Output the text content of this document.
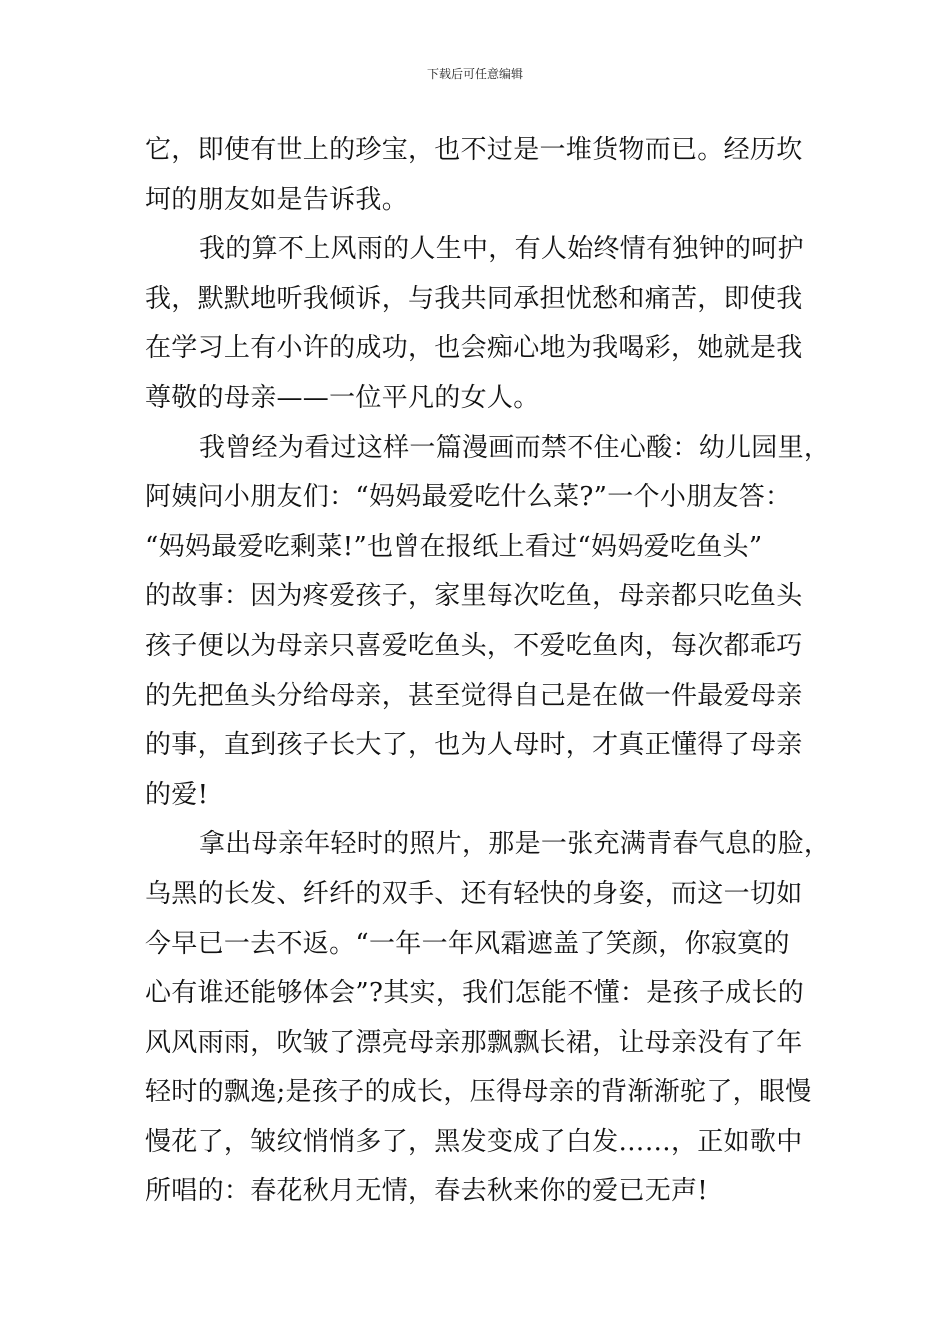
下载后可任意编辑
它，即使有世上的珍宝，也不过是一堆货物而已。经历坎
坷的朋友如是告诉我。
我的算不上风雨的人生中，有人始终情有独钟的呵护
我，默默地听我倾诉，与我共同承担忧愁和痛苦，即使我
在学习上有小许的成功，也会痴心地为我喝彩，她就是我
尊敬的母亲——一位平凡的女人。
我曾经为看过这样一篇漫画而禁不住心酸：幼儿园里，
阿姨问小朋友们：“妈妈最爱吃什么菜?”一个小朋友答：
“妈妈最爱吃剩菜!”也曾在报纸上看过“妈妈爱吃鱼头”
的故事：因为疼爱孩子，家里每次吃鱼，母亲都只吃鱼头
孩子便以为母亲只喜爱吃鱼头，不爱吃鱼肉，每次都乖巧
的先把鱼头分给母亲，甚至觉得自己是在做一件最爱母亲
的事，直到孩子长大了，也为人母时，才真正懂得了母亲
的爱!
拿出母亲年轻时的照片，那是一张充满青春气息的脸，
乌黑的长发、纤纤的双手、还有轻快的身姿，而这一切如
今早已一去不返。“一年一年风霜遮盖了笑颜，你寂寞的
心有谁还能够体会”?其实，我们怎能不懂：是孩子成长的
风风雨雨，吹皱了漂亮母亲那飘飘长裙，让母亲没有了年
轻时的飘逸;是孩子的成长，压得母亲的背渐渐驼了，眼慢
慢花了，皱纹悄悄多了，黑发变成了白发……，正如歌中
所唱的：春花秋月无情，春去秋来你的爱已无声!
